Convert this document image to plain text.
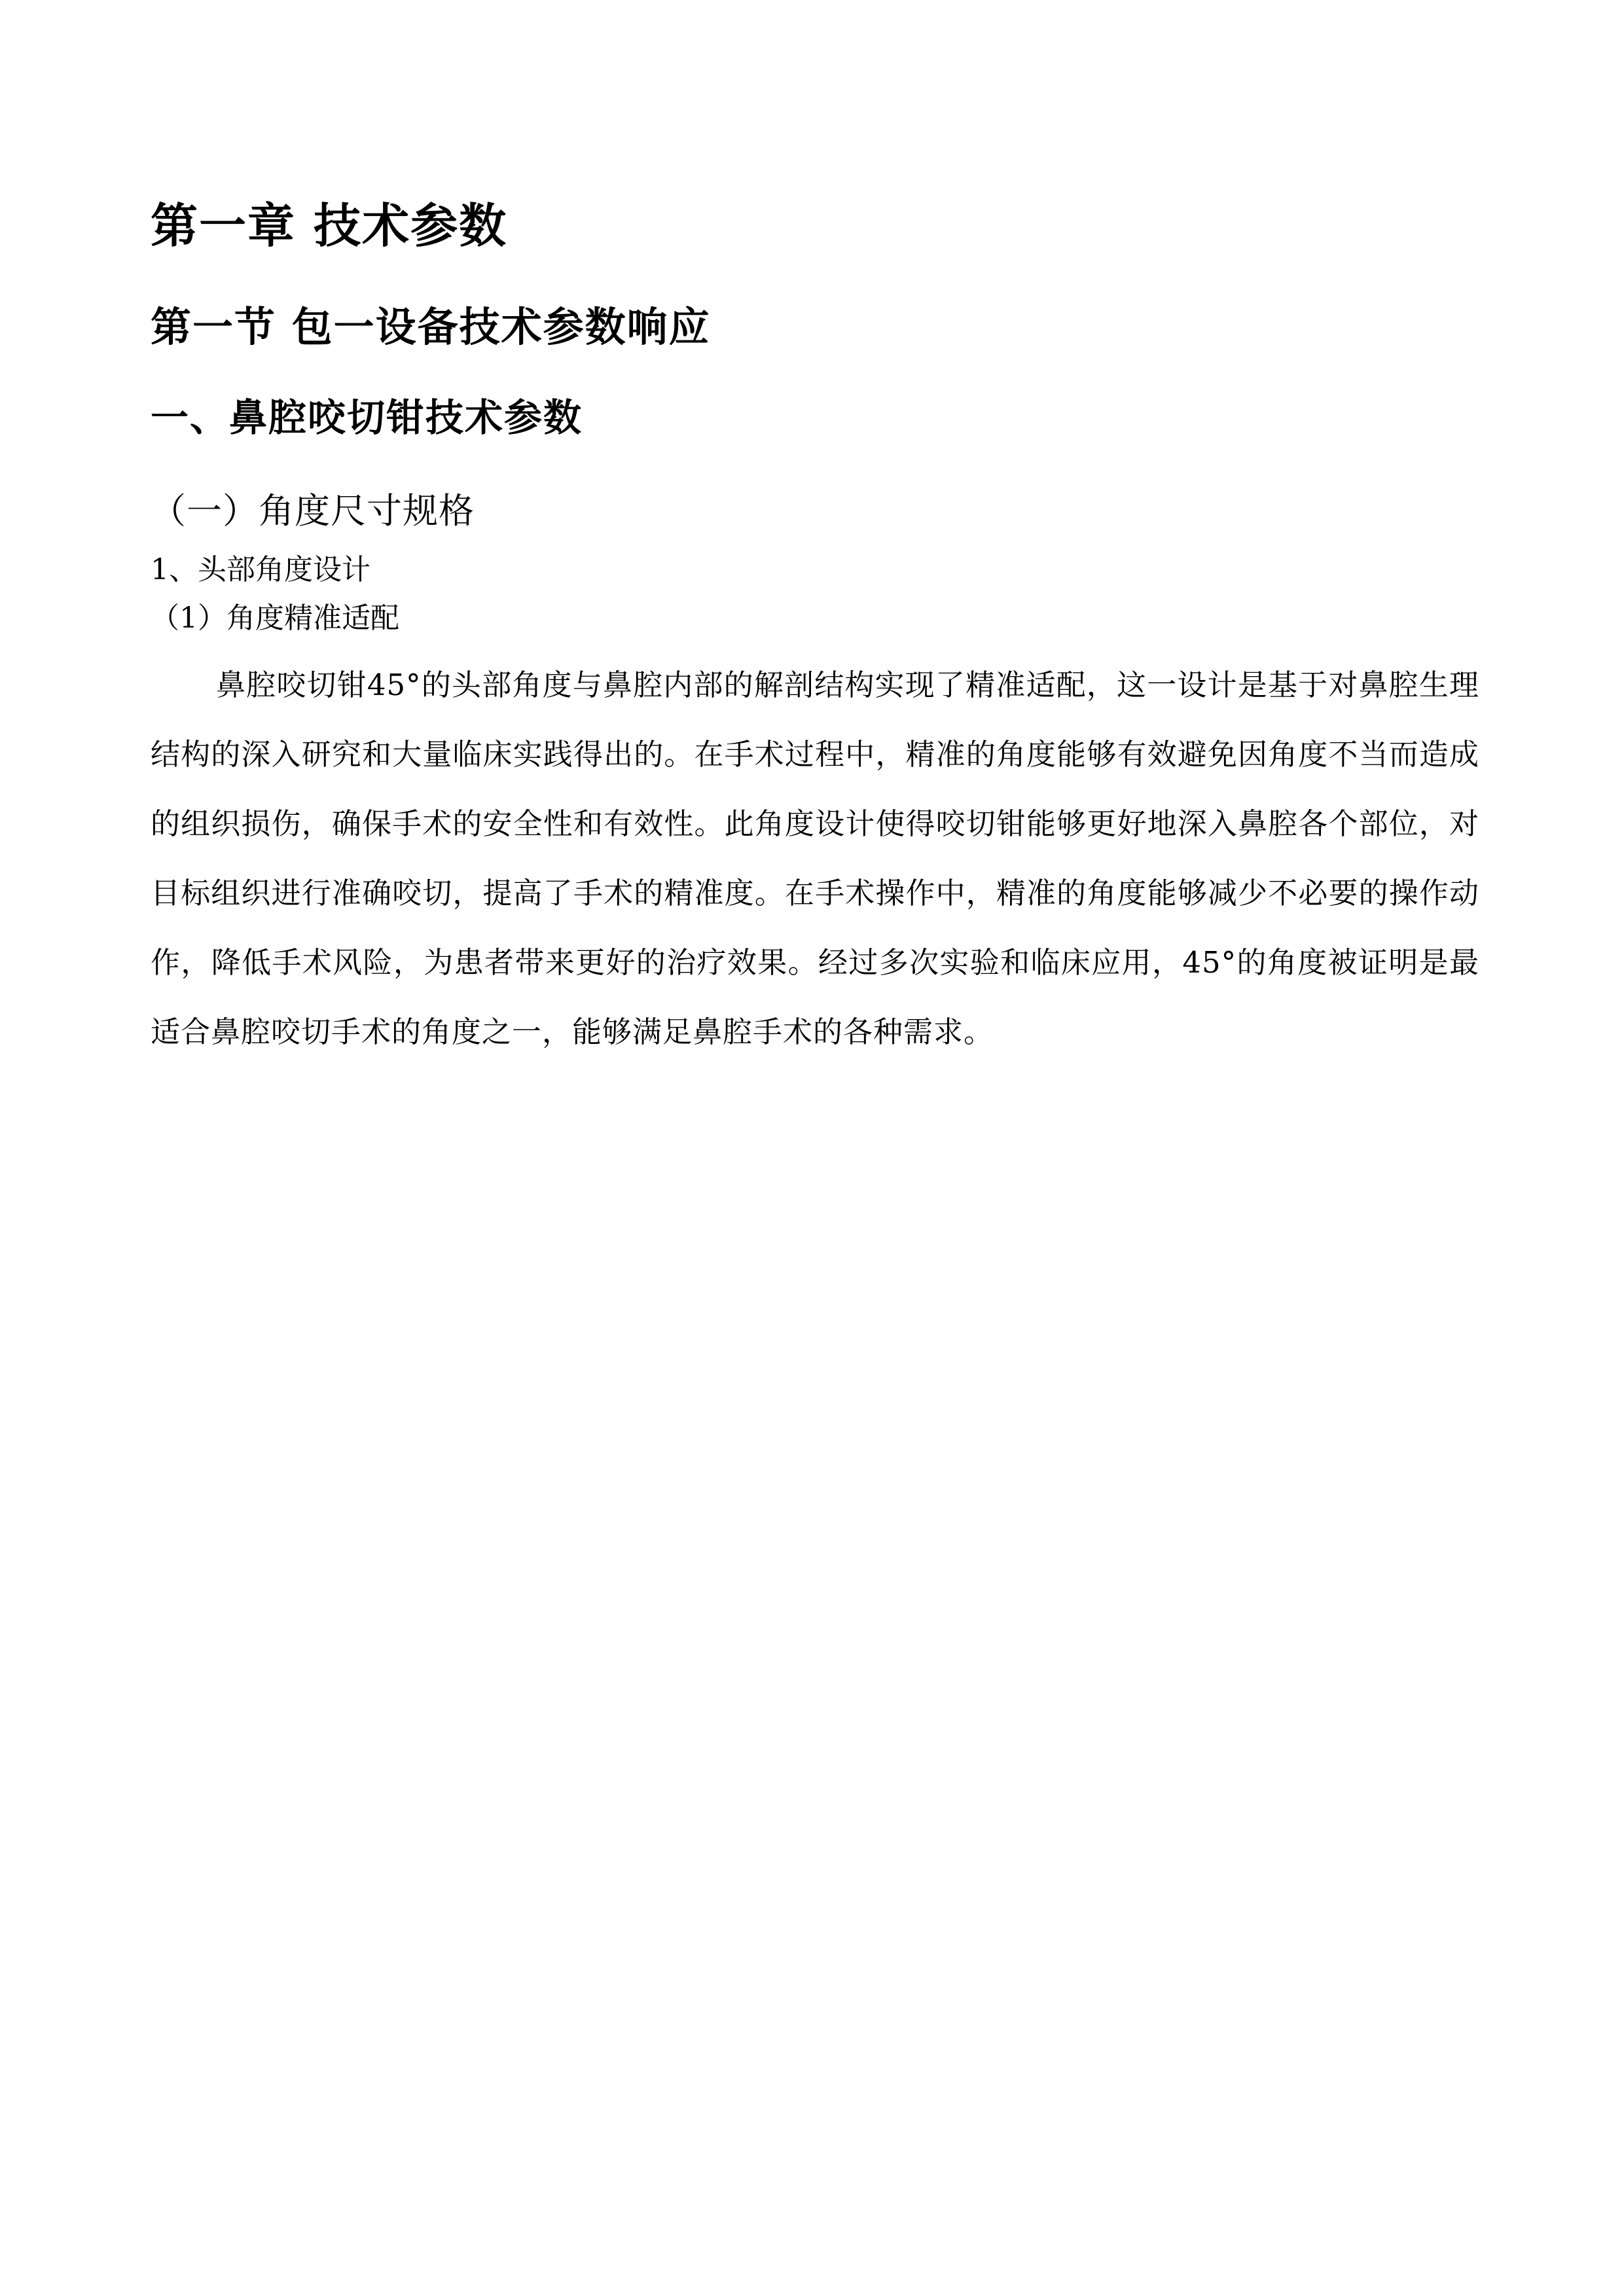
第一章 技术参数
第一节 包一设备技术参数响应
一、鼻腔咬切钳技术参数
（一）角度尺寸规格
1、头部角度设计
（1）角度精准适配

鼻腔咬切钳45°的头部角度与鼻腔内部的解剖结构实现了精准适配，这一设计是基于对鼻腔生理结构的深入研究和大量临床实践得出的。在手术过程中，精准的角度能够有效避免因角度不当而造成的组织损伤，确保手术的安全性和有效性。此角度设计使得咬切钳能够更好地深入鼻腔各个部位，对目标组织进行准确咬切，提高了手术的精准度。在手术操作中，精准的角度能够减少不必要的操作动作，降低手术风险，为患者带来更好的治疗效果。经过多次实验和临床应用，45°的角度被证明是最适合鼻腔咬切手术的角度之一，能够满足鼻腔手术的各种需求。
